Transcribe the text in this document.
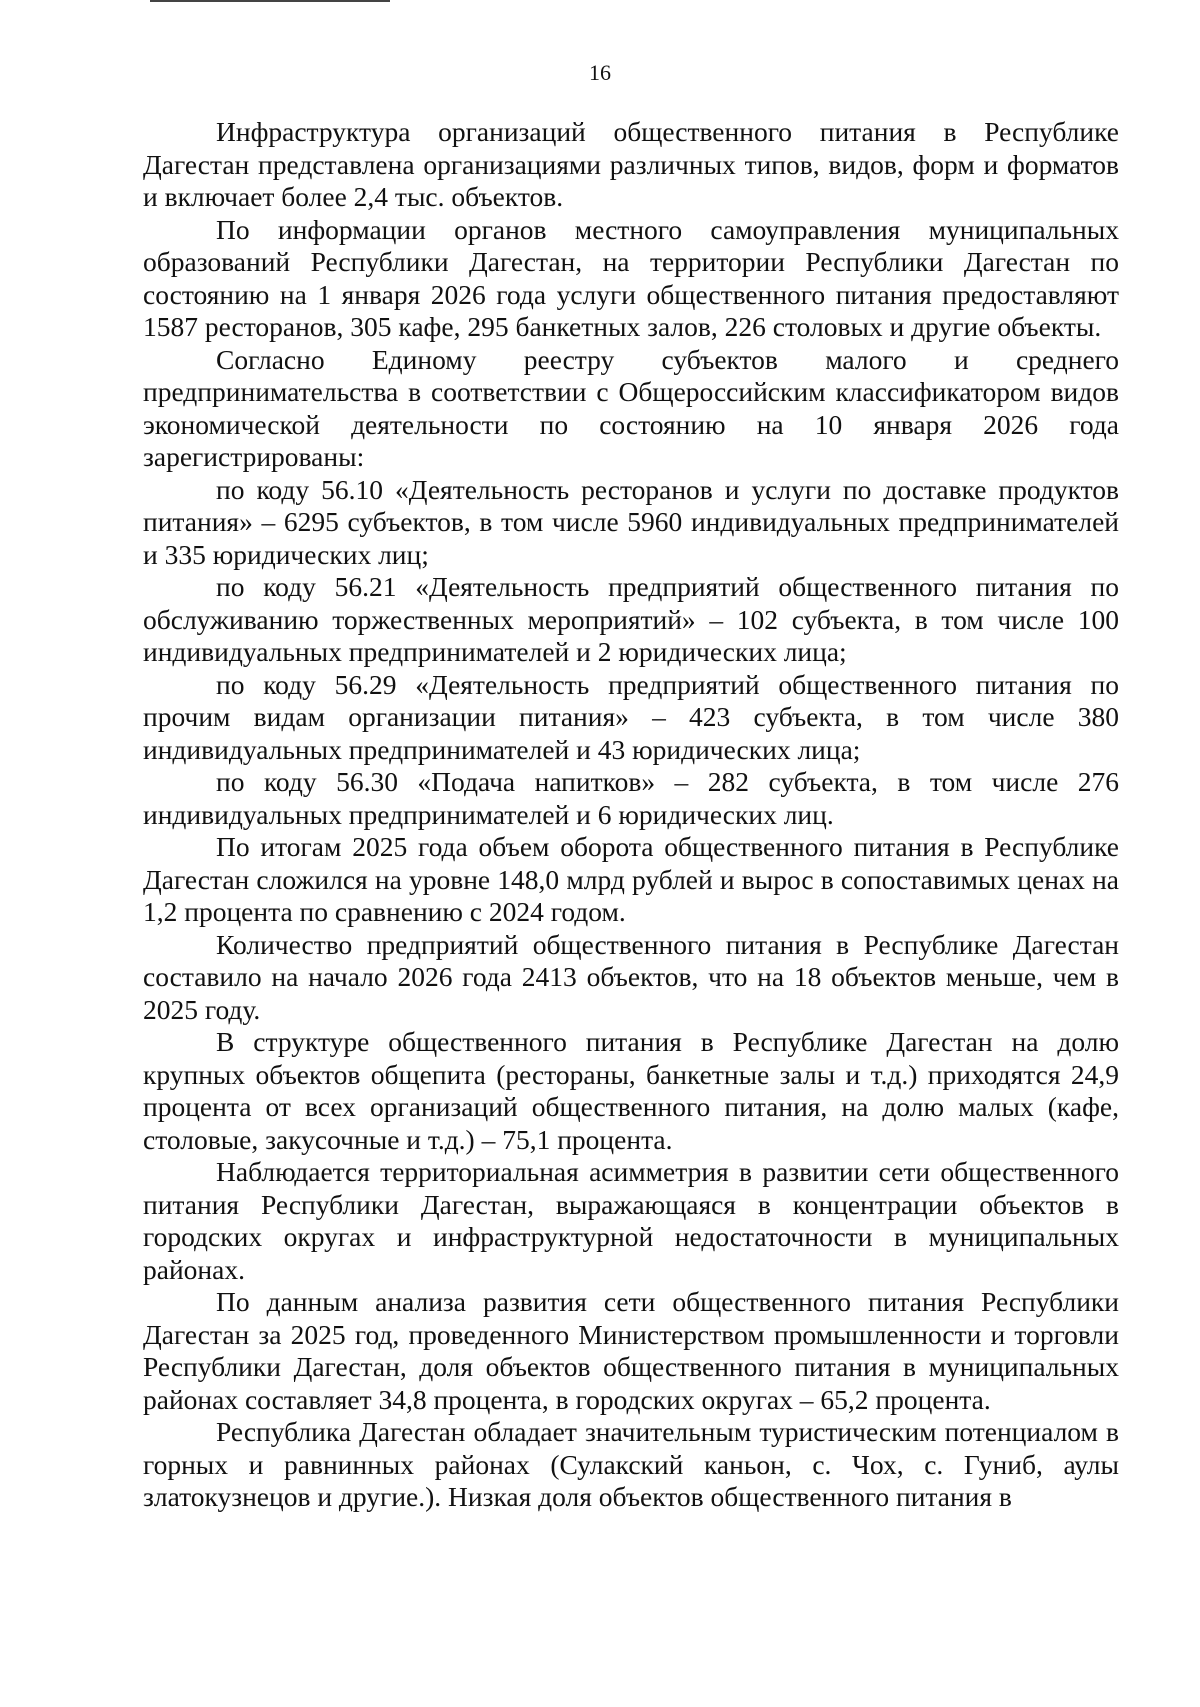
16

Инфраструктура организаций общественного питания в Республике Дагестан представлена организациями различных типов, видов, форм и форматов и включает более 2,4 тыс. объектов.

По информации органов местного самоуправления муниципальных образований Республики Дагестан, на территории Республики Дагестан по состоянию на 1 января 2026 года услуги общественного питания предоставляют 1587 ресторанов, 305 кафе, 295 банкетных залов, 226 столовых и другие объекты.

Согласно Единому реестру субъектов малого и среднего предпринимательства в соответствии с Общероссийским классификатором видов экономической деятельности по состоянию на 10 января 2026 года зарегистрированы:

по коду 56.10 «Деятельность ресторанов и услуги по доставке продуктов питания» – 6295 субъектов, в том числе 5960 индивидуальных предпринимателей и 335 юридических лиц;

по коду 56.21 «Деятельность предприятий общественного питания по обслуживанию торжественных мероприятий» – 102 субъекта, в том числе 100 индивидуальных предпринимателей и 2 юридических лица;

по коду 56.29 «Деятельность предприятий общественного питания по прочим видам организации питания» – 423 субъекта, в том числе 380 индивидуальных предпринимателей и 43 юридических лица;

по коду 56.30 «Подача напитков» – 282 субъекта, в том числе 276 индивидуальных предпринимателей и 6 юридических лиц.

По итогам 2025 года объем оборота общественного питания в Республике Дагестан сложился на уровне 148,0 млрд рублей и вырос в сопоставимых ценах на 1,2 процента по сравнению с 2024 годом.

Количество предприятий общественного питания в Республике Дагестан составило на начало 2026 года 2413 объектов, что на 18 объектов меньше, чем в 2025 году.

В структуре общественного питания в Республике Дагестан на долю крупных объектов общепита (рестораны, банкетные залы и т.д.) приходятся 24,9 процента от всех организаций общественного питания, на долю малых (кафе, столовые, закусочные и т.д.) – 75,1 процента.

Наблюдается территориальная асимметрия в развитии сети общественного питания Республики Дагестан, выражающаяся в концентрации объектов в городских округах и инфраструктурной недостаточности в муниципальных районах.

По данным анализа развития сети общественного питания Республики Дагестан за 2025 год, проведенного Министерством промышленности и торговли Республики Дагестан, доля объектов общественного питания в муниципальных районах составляет 34,8 процента, в городских округах – 65,2 процента.

Республика Дагестан обладает значительным туристическим потенциалом в горных и равнинных районах (Сулакский каньон, с. Чох, с. Гуниб, аулы златокузнецов и другие.). Низкая доля объектов общественного питания в
